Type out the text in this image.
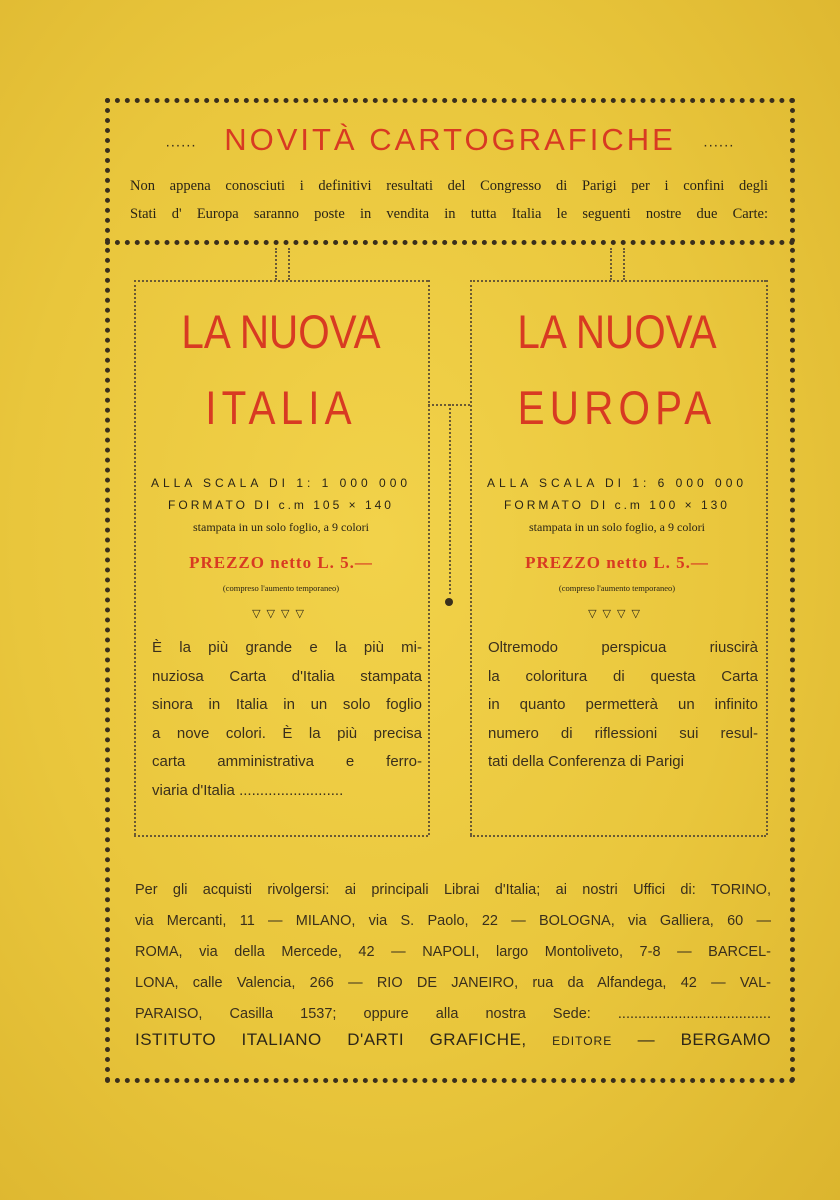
...... NOVITÀ CARTOGRAFICHE ......
Non appena conosciuti i definitivi resultati del Congresso di Parigi per i confini degli
Stati d' Europa saranno poste in vendita in tutta Italia le seguenti nostre due Carte:
LA NUOVA
ITALIA
ALLA SCALA DI 1: 1 000 000
FORMATO DI c.m 105 × 140
stampata in un solo foglio, a 9 colori
PREZZO netto L. 5.—
(compreso l'aumento temporaneo)
▽▽▽▽
È la più grande e la più mi-
nuziosa Carta d'Italia stampata
sinora in Italia in un solo foglio
a nove colori. È la più precisa
carta amministrativa e ferro-
viaria d'Italia .........................
LA NUOVA
EUROPA
ALLA SCALA DI 1: 6 000 000
FORMATO DI c.m 100 × 130
stampata in un solo foglio, a 9 colori
PREZZO netto L. 5.—
(compreso l'aumento temporaneo)
▽▽▽▽
Oltremodo perspicua riuscirà
la coloritura di questa Carta
in quanto permetterà un infinito
numero di riflessioni sui resul-
tati della Conferenza di Parigi
Per gli acquisti rivolgersi: ai principali Librai d'Italia; ai nostri Uffici di: TORINO,
via Mercanti, 11 — MILANO, via S. Paolo, 22 — BOLOGNA, via Galliera, 60 —
ROMA, via della Mercede, 42 — NAPOLI, largo Montoliveto, 7-8 — BARCEL-
LONA, calle Valencia, 266 — RIO DE JANEIRO, rua da Alfandega, 42 — VAL-
PARAISO, Casilla 1537; oppure alla nostra Sede: ......................................
ISTITUTO ITALIANO D'ARTI GRAFICHE, EDITORE — BERGAMO
